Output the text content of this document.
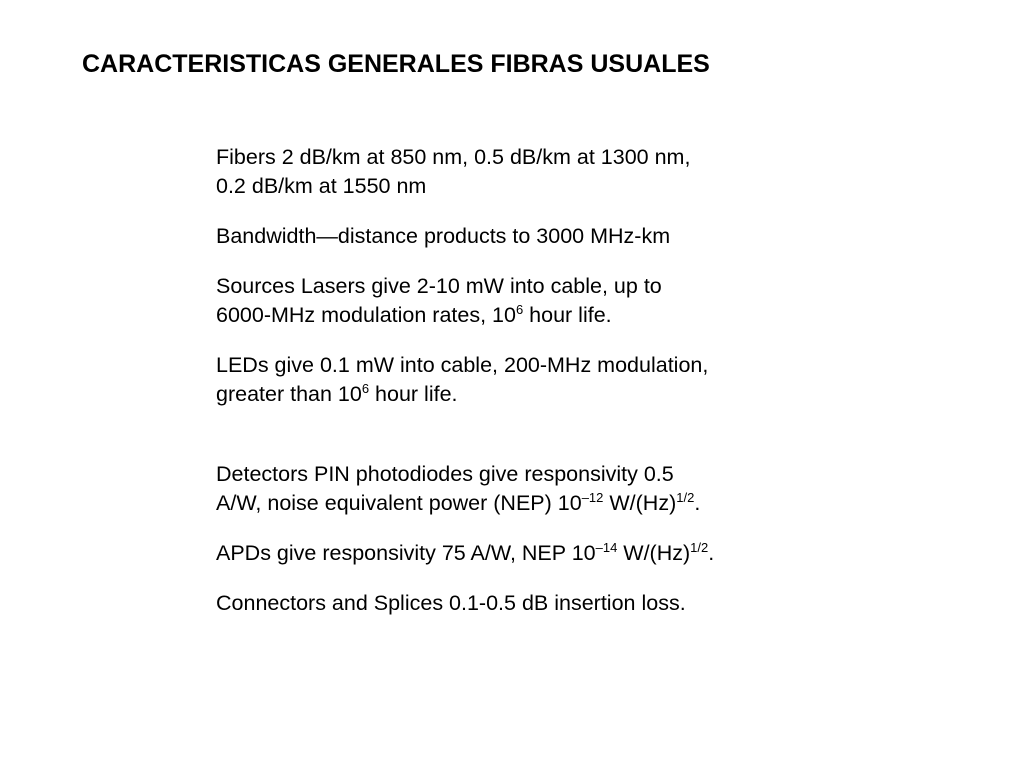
CARACTERISTICAS GENERALES FIBRAS USUALES

Fibers 2 dB/km at 850 nm, 0.5 dB/km at 1300 nm,
0.2 dB/km at 1550 nm

Bandwidth—distance products to 3000 MHz-km

Sources Lasers give 2-10 mW into cable, up to
6000-MHz modulation rates, $10^6$ hour life.

LEDs give 0.1 mW into cable, 200-MHz modulation,
greater than $10^6$ hour life.

Detectors PIN photodiodes give responsivity 0.5
A/W, noise equivalent power (NEP) $10^{-12}$ $W/(Hz)^{1/2}$.

APDs give responsivity 75 A/W, NEP $10^{-14}$ $W/(Hz)^{1/2}$.

Connectors and Splices 0.1-0.5 dB insertion loss.
